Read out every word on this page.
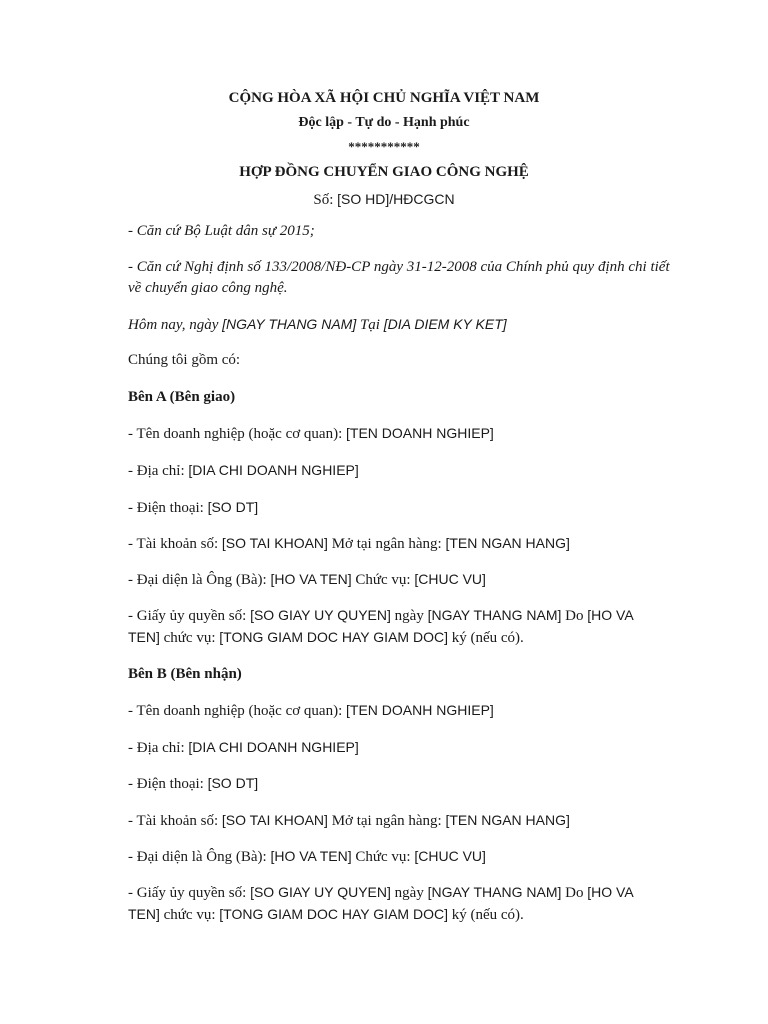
CỘNG HÒA XÃ HỘI CHỦ NGHĨA VIỆT NAM
Độc lập - Tự do - Hạnh phúc
***********
HỢP ĐỒNG CHUYỂN GIAO CÔNG NGHỆ
Số: [SO HD]/HĐCGCN
- Căn cứ Bộ Luật dân sự 2015;
- Căn cứ Nghị định số 133/2008/NĐ-CP ngày 31-12-2008 của Chính phủ quy định chi tiết
về chuyển giao công nghệ.
Hôm nay, ngày [NGAY THANG NAM] Tại [DIA DIEM KY KET]
Chúng tôi gồm có:
Bên A (Bên giao)
- Tên doanh nghiệp (hoặc cơ quan): [TEN DOANH NGHIEP]
- Địa chỉ: [DIA CHI DOANH NGHIEP]
- Điện thoại: [SO DT]
- Tài khoản số: [SO TAI KHOAN] Mở tại ngân hàng: [TEN NGAN HANG]
- Đại diện là Ông (Bà): [HO VA TEN] Chức vụ: [CHUC VU]
- Giấy ủy quyền số: [SO GIAY UY QUYEN] ngày [NGAY THANG NAM] Do [HO VA
TEN] chức vụ: [TONG GIAM DOC HAY GIAM DOC] ký (nếu có).
Bên B (Bên nhận)
- Tên doanh nghiệp (hoặc cơ quan): [TEN DOANH NGHIEP]
- Địa chỉ: [DIA CHI DOANH NGHIEP]
- Điện thoại: [SO DT]
- Tài khoản số: [SO TAI KHOAN] Mở tại ngân hàng: [TEN NGAN HANG]
- Đại diện là Ông (Bà): [HO VA TEN] Chức vụ: [CHUC VU]
- Giấy ủy quyền số: [SO GIAY UY QUYEN] ngày [NGAY THANG NAM] Do [HO VA
TEN] chức vụ: [TONG GIAM DOC HAY GIAM DOC] ký (nếu có).
